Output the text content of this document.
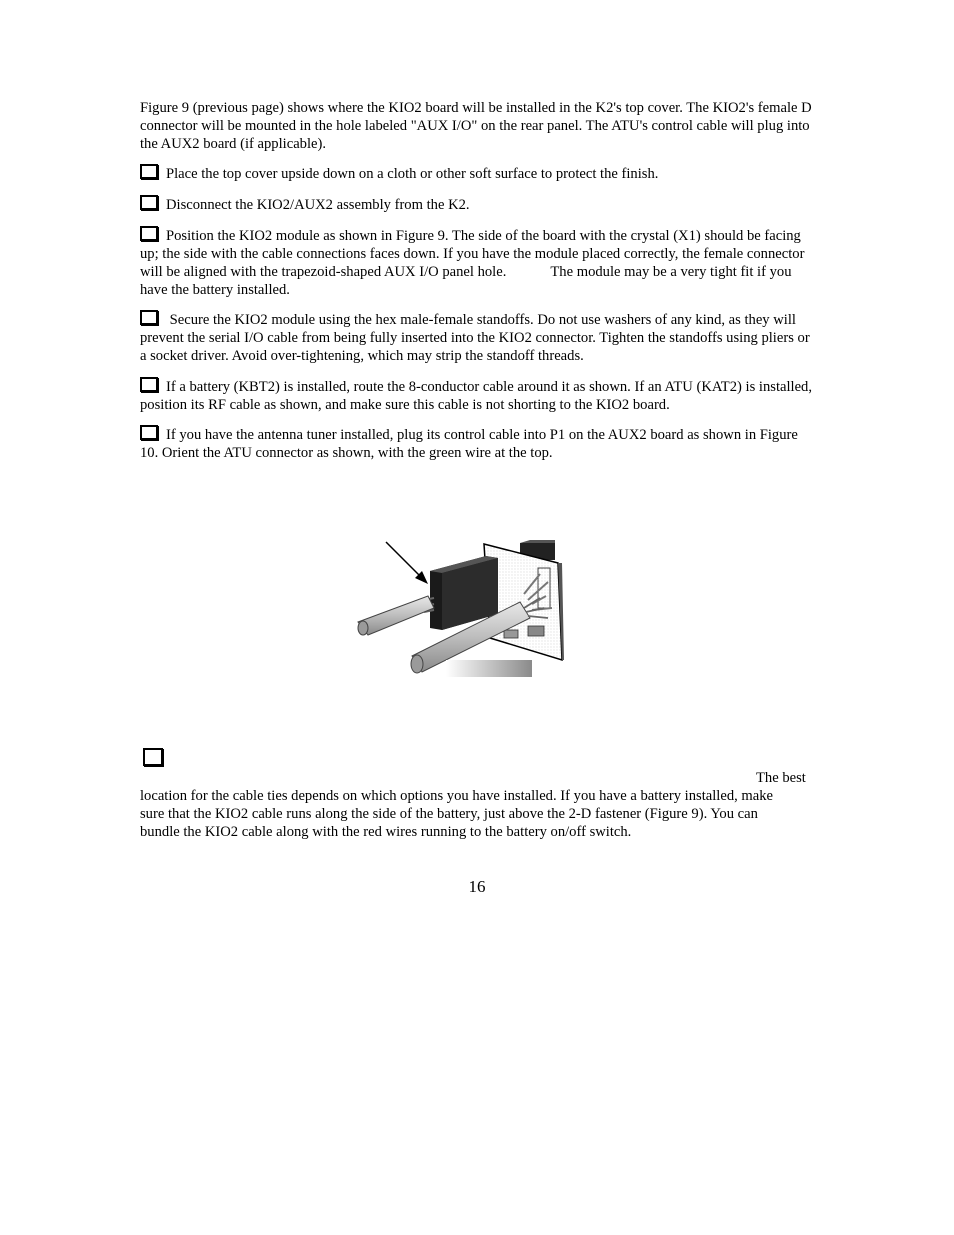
Figure 9 (previous page) shows where the KIO2 board will be installed in the K2's top cover. The KIO2's female D connector will be mounted in the hole labeled "AUX I/O" on the rear panel. The ATU's control cable will plug into the AUX2 board (if applicable).

Place the top cover upside down on a cloth or other soft surface to protect the finish.

Disconnect the KIO2/AUX2 assembly from the K2.

Position the KIO2 module as shown in Figure 9. The side of the board with the crystal (X1) should be facing up; the side with the cable connections faces down. If you have the module placed correctly, the female connector will be aligned with the trapezoid-shaped AUX I/O panel hole.	The module may be a very tight fit if you have the battery installed.

Secure the KIO2 module using the hex male-female standoffs. Do not use washers of any kind, as they will prevent the serial I/O cable from being fully inserted into the KIO2 connector. Tighten the standoffs using pliers or a socket driver. Avoid over-tightening, which may strip the standoff threads.

If a battery (KBT2) is installed, route the 8-conductor cable around it as shown. If an ATU (KAT2) is installed, position its RF cable as shown, and make sure this cable is not shorting to the KIO2 board.

If you have the antenna tuner installed, plug its control cable into P1 on the AUX2 board as shown in Figure 10. Orient the ATU connector as shown, with the green wire at the top.

The best

location for the cable ties depends on which options you have installed. If you have a battery installed, make sure that the KIO2 cable runs along the side of the battery, just above the 2-D fastener (Figure 9). You can bundle the KIO2 cable along with the red wires running to the battery on/off switch.

16
